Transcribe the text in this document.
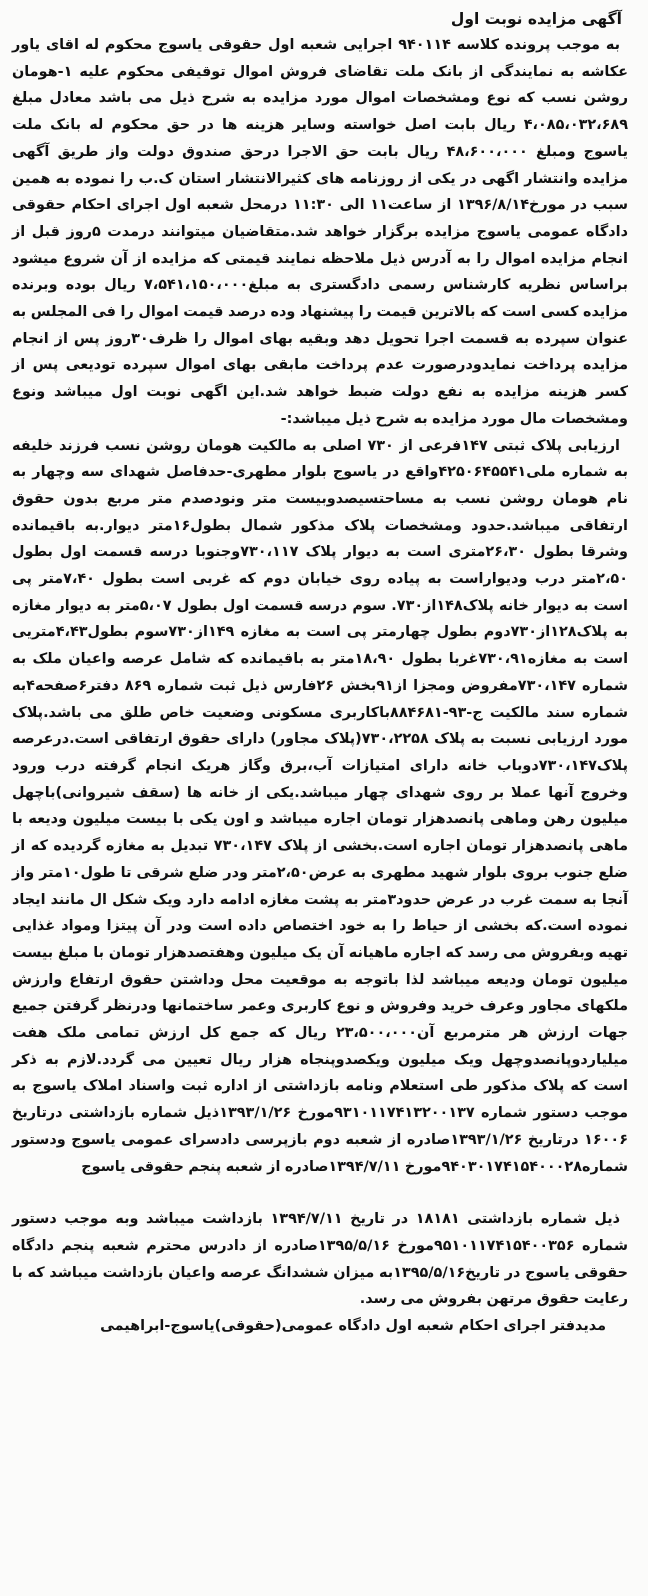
آگهی مزایده نوبت اول

به موجب پرونده کلاسه ۹۴۰۱۱۴ اجرایی شعبه اول حقوقی یاسوج محکوم له اقای یاور عکاشه به نمایندگی از بانک ملت تقاضای فروش اموال توقیفی محکوم علیه ۱-هومان روشن نسب که نوع ومشخصات اموال مورد مزایده به شرح ذیل می باشد معادل مبلغ ۴،۰۸۵،۰۳۲،۶۸۹ ریال بابت اصل خواسته وسایر هزینه ها در حق محکوم له بانک ملت یاسوج ومبلغ ۴۸،۶۰۰،۰۰۰ ریال بابت حق الاجرا درحق صندوق دولت واز طریق آگهی مزایده وانتشار اگهی در یکی از روزنامه های کثیرالانتشار استان ک.ب را نموده به همین سبب در مورخ۱۳۹۶/۸/۱۴ از ساعت۱۱ الی ۱۱:۳۰ درمحل شعبه اول اجرای احکام حقوقی دادگاه عمومی یاسوج مزایده برگزار خواهد شد.متقاضیان میتوانند درمدت ۵روز قبل از انجام مزایده اموال را به آدرس ذیل ملاحظه نمایند قیمتی که مزایده از آن شروع میشود براساس نظریه کارشناس رسمی دادگستری به مبلغ۷،۵۴۱،۱۵۰،۰۰۰ ریال بوده وبرنده مزایده کسی است که بالاترین قیمت را پیشنهاد وده درصد قیمت اموال را فی المجلس به عنوان سپرده به قسمت اجرا تحویل دهد وبقیه بهای اموال را ظرف۳۰روز پس از انجام مزایده پرداخت نمایدودرصورت عدم پرداخت مابقی بهای اموال سپرده تودیعی پس از کسر هزینه مزایده به نفع دولت ضبط خواهد شد.این اگهی نوبت اول میباشد ونوع ومشخصات مال مورد مزایده به شرح ذیل میباشد:-

ارزیابی پلاک ثبتی ۱۴۷فرعی از ۷۳۰ اصلی به مالکیت هومان روشن نسب فرزند خلیفه به شماره ملی۴۲۵۰۶۴۵۵۴۱واقع در یاسوج بلوار مطهری-حدفاصل شهدای سه وچهار به نام هومان روشن نسب به مساحتسیصدوبیست متر ونودصدم متر مربع بدون حقوق ارتفاقی میباشد.حدود ومشخصات پلاک مذکور شمال بطول۱۶متر دیوار.به باقیمانده وشرقا بطول ۲۶،۳۰متری است به دیوار پلاک ۷۳۰،۱۱۷وجنوبا درسه قسمت اول بطول ۲،۵۰متر درب ودیواراست به پیاده روی خیابان دوم که غربی است بطول ۷،۴۰متر پی است به دیوار خانه پلاک۱۴۸از۷۳۰. سوم درسه قسمت اول بطول ۵،۰۷متر به دیوار مغازه به پلاک۱۲۸از۷۳۰دوم بطول چهارمتر پی است به مغازه ۱۴۹از۷۳۰سوم بطول۴،۴۳متریی است به مغازه۷۳۰،۹۱غربا بطول ۱۸،۹۰متر به باقیمانده که شامل عرصه واعیان ملک به شماره ۷۳۰،۱۴۷مفروض ومجزا از۹۱بخش ۲۶فارس ذیل ثبت شماره ۸۶۹ دفتر۶صفحه۴به شماره سند مالکیت ج-۹۳-۸۸۴۶۸۱باکاربری مسکونی وضعیت خاص طلق می باشد.پلاک مورد ارزیابی نسبت به پلاک ۷۳۰،۲۲۵۸(پلاک مجاور) دارای حقوق ارتفاقی است.درعرصه پلاک۷۳۰،۱۴۷دوباب خانه دارای امتیازات آب،برق وگاز هریک انجام گرفته درب ورود وخروج آنها عملا بر روی شهدای چهار میباشد.یکی از خانه ها (سقف شیروانی)باچهل میلیون رهن وماهی پانصدهزار تومان اجاره میباشد و اون یکی با بیست میلیون ودیعه با ماهی پانصدهزار تومان اجاره است.بخشی از پلاک ۷۳۰،۱۴۷ تبدیل به مغازه گردیده که از ضلع جنوب بروی بلوار شهید مطهری به عرض۲،۵۰متر ودر ضلع شرقی تا طول۱۰متر واز آنجا به سمت غرب در عرض حدود۳متر به پشت مغازه ادامه دارد ویک شکل ال مانند ایجاد نموده است.که بخشی از حیاط را به خود اختصاص داده است ودر آن پیتزا ومواد غذایی تهیه وبفروش می رسد که اجاره ماهیانه آن یک میلیون وهفتصدهزار تومان با مبلغ بیست میلیون تومان ودیعه میباشد لذا باتوجه به موقعیت محل وداشتن حقوق ارتفاع وارزش ملکهای مجاور وعرف خرید وفروش و نوع کاربری وعمر ساختمانها ودرنظر گرفتن جمیع جهات ارزش هر مترمربع آن۲۳،۵۰۰،۰۰۰ ریال که جمع کل ارزش تمامی ملک هفت میلیاردوپانصدوچهل ویک میلیون ویکصدوپنجاه هزار ریال تعیین می گردد.لازم به ذکر است که پلاک مذکور طی استعلام ونامه بازداشتی از اداره ثبت واسناد املاک یاسوج به موجب دستور شماره ۹۳۱۰۱۱۷۴۱۳۲۰۰۱۳۷مورخ ۱۳۹۳/۱/۲۶ذیل شماره بازداشتی درتاریخ ۱۶۰۰۶ درتاریخ ۱۳۹۳/۱/۲۶صادره از شعبه دوم بازپرسی دادسرای عمومی یاسوج ودستور شماره۹۴۰۳۰۱۷۴۱۵۴۰۰۰۲۸مورخ ۱۳۹۴/۷/۱۱صادره از شعبه پنجم حقوقی یاسوج

ذیل شماره بازداشتی ۱۸۱۸۱ در تاریخ ۱۳۹۴/۷/۱۱ بازداشت میباشد وبه موجب دستور شماره ۹۵۱۰۱۱۷۴۱۵۴۰۰۳۵۶مورخ ۱۳۹۵/۵/۱۶صادره از دادرس محترم شعبه پنجم دادگاه حقوقی یاسوج در تاریخ۱۳۹۵/۵/۱۶به میزان ششدانگ عرصه واعیان بازداشت میباشد که با رعایت حقوق مرتهن بفروش می رسد.

مدیدفتر اجرای احکام شعبه اول دادگاه عمومی(حقوقی)یاسوج-ابراهیمی
